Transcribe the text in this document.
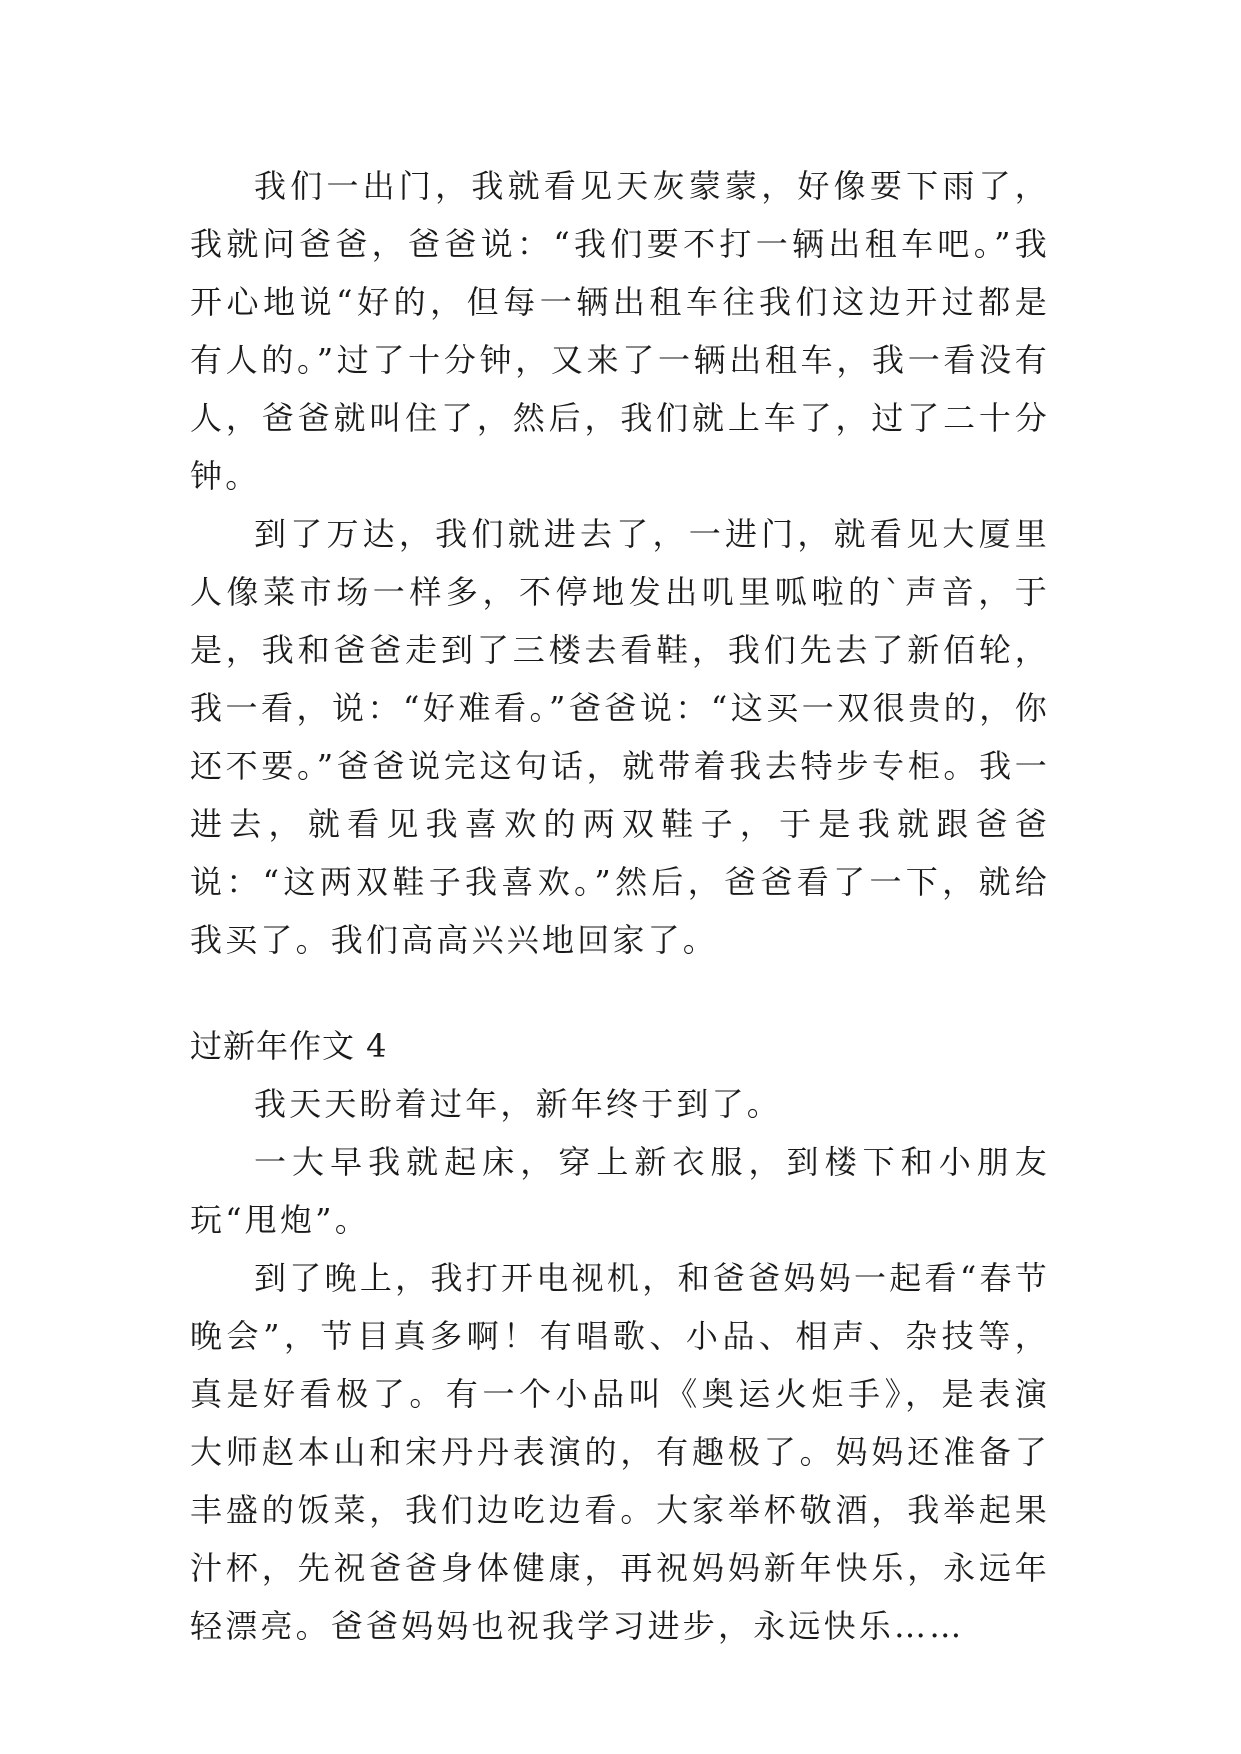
我们一出门，我就看见天灰蒙蒙，好像要下雨了，我就问爸爸，爸爸说：“我们要不打一辆出租车吧。”我开心地说“好的，但每一辆出租车往我们这边开过都是有人的。”过了十分钟，又来了一辆出租车，我一看没有人，爸爸就叫住了，然后，我们就上车了，过了二十分钟。

到了万达，我们就进去了，一进门，就看见大厦里人像菜市场一样多，不停地发出叽里呱啦的`声音，于是，我和爸爸走到了三楼去看鞋，我们先去了新佰轮，我一看，说：“好难看。”爸爸说：“这买一双很贵的，你还不要。”爸爸说完这句话，就带着我去特步专柜。我一进去，就看见我喜欢的两双鞋子，于是我就跟爸爸说：“这两双鞋子我喜欢。”然后，爸爸看了一下，就给我买了。我们高高兴兴地回家了。

过新年作文 4

我天天盼着过年，新年终于到了。

一大早我就起床，穿上新衣服，到楼下和小朋友玩“甩炮”。

到了晚上，我打开电视机，和爸爸妈妈一起看“春节晚会”，节目真多啊！有唱歌、小品、相声、杂技等，真是好看极了。有一个小品叫《奥运火炬手》，是表演大师赵本山和宋丹丹表演的，有趣极了。妈妈还准备了丰盛的饭菜，我们边吃边看。大家举杯敬酒，我举起果汁杯，先祝爸爸身体健康，再祝妈妈新年快乐，永远年轻漂亮。爸爸妈妈也祝我学习进步，永远快乐……
